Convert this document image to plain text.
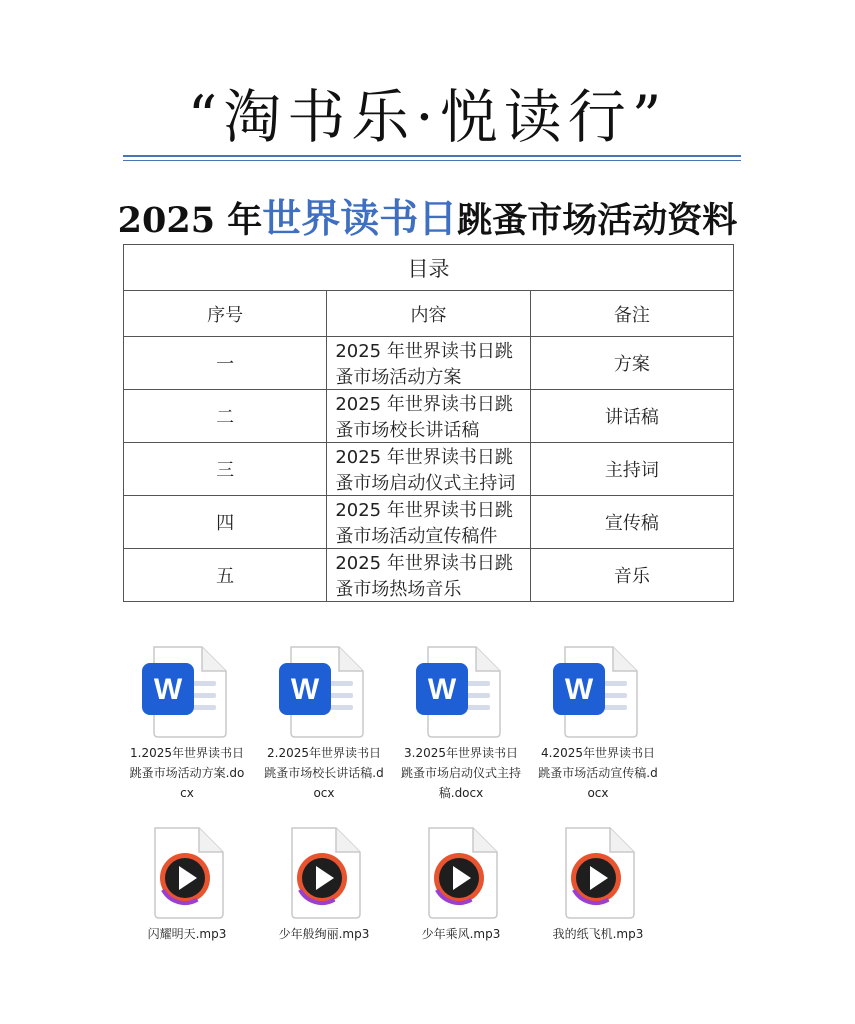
“淘书乐·悦读行”
2025 年世界读书日跳蚤市场活动资料
目录		
序号	内容	备注
一	2025 年世界读书日跳蚤市场活动方案	方案
二	2025 年世界读书日跳蚤市场校长讲话稿	讲话稿
三	2025 年世界读书日跳蚤市场启动仪式主持词	主持词
四	2025 年世界读书日跳蚤市场活动宣传稿件	宣传稿
五	2025 年世界读书日跳蚤市场热场音乐	音乐
W
1.2025年世界读书日跳蚤市场活动方案.docx
W
2.2025年世界读书日跳蚤市场校长讲话稿.docx
W
3.2025年世界读书日跳蚤市场启动仪式主持稿.docx
W
4.2025年世界读书日跳蚤市场活动宣传稿.docx
闪耀明天.mp3	少年般绚丽.mp3	少年乘风.mp3	我的纸飞机.mp3
